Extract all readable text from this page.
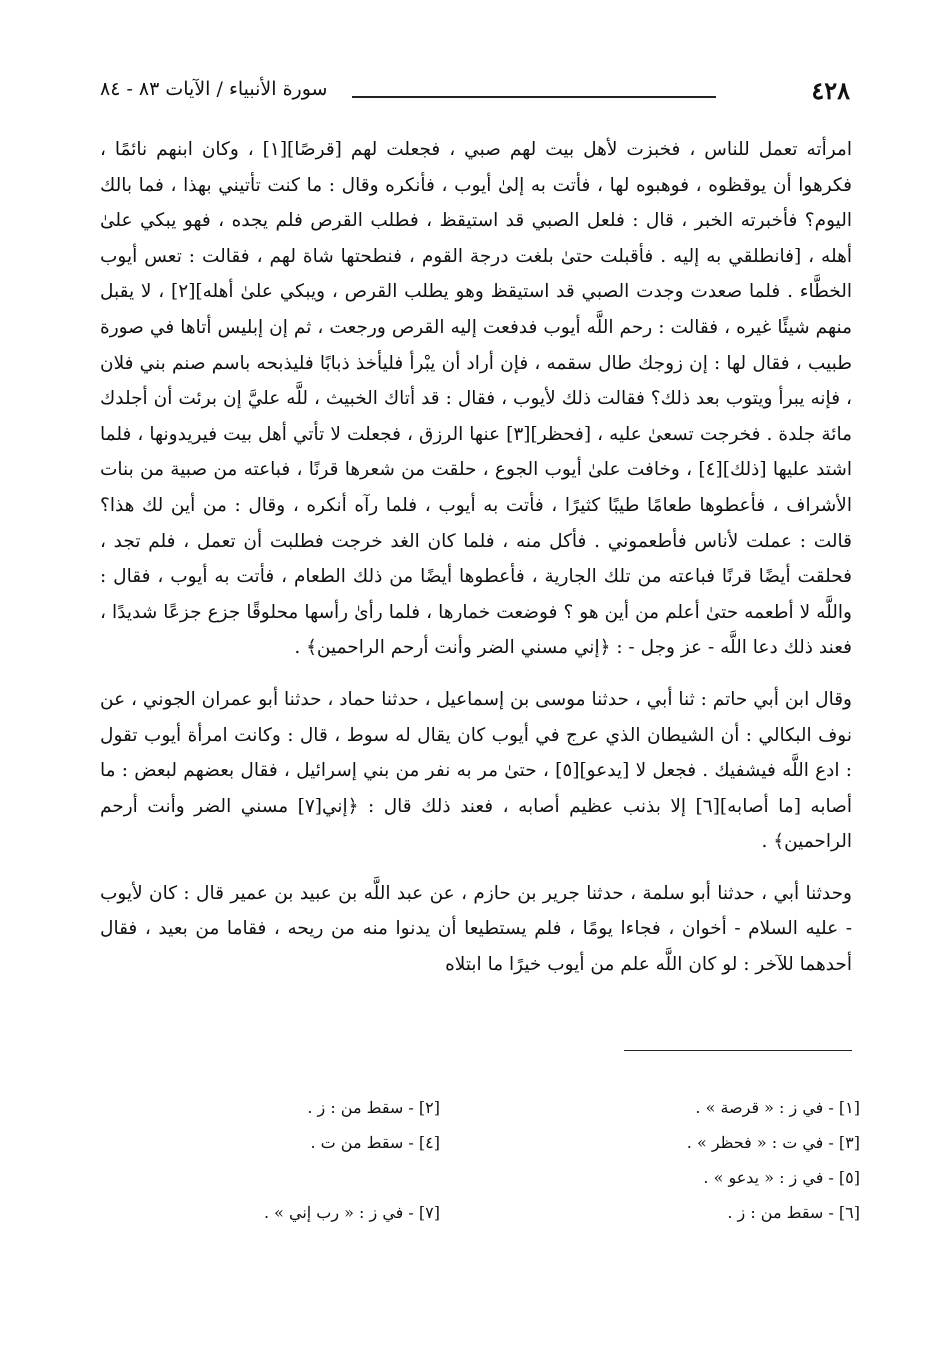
٤٢٨
سورة الأنبياء / الآيات ٨٣ - ٨٤

امرأته تعمل للناس ، فخبزت لأهل بيت لهم صبي ، فجعلت لهم [قرصًا][١] ، وكان ابنهم نائمًا ، فكرهوا أن يوقظوه ، فوهبوه لها ، فأتت به إلىٰ أيوب ، فأنكره وقال : ما كنت تأتيني بهذا ، فما بالك اليوم؟ فأخبرته الخبر ، قال : فلعل الصبي قد استيقظ ، فطلب القرص فلم يجده ، فهو يبكي علىٰ أهله ، [فانطلقي به إليه . فأقبلت حتىٰ بلغت درجة القوم ، فنطحتها شاة لهم ، فقالت : تعس أيوب الخطَّاء . فلما صعدت وجدت الصبي قد استيقظ وهو يطلب القرص ، ويبكي علىٰ أهله][٢] ، لا يقبل منهم شيئًا غيره ، فقالت : رحم اللَّه أيوب فدفعت إليه القرص ورجعت ، ثم إن إبليس أتاها في صورة طبيب ، فقال لها : إن زوجك طال سقمه ، فإن أراد أن يبْرأ فليأخذ ذبابًا فليذبحه باسم صنم بني فلان ، فإنه يبرأ ويتوب بعد ذلك؟ فقالت ذلك لأيوب ، فقال : قد أتاك الخبيث ، للَّه عليَّ إن برئت أن أجلدك مائة جلدة . فخرجت تسعىٰ عليه ، [فحظر][٣] عنها الرزق ، فجعلت لا تأتي أهل بيت فيريدونها ، فلما اشتد عليها [ذلك][٤] ، وخافت علىٰ أيوب الجوع ، حلقت من شعرها قرنًا ، فباعته من صبية من بنات الأشراف ، فأعطوها طعامًا طيبًا كثيرًا ، فأتت به أيوب ، فلما رآه أنكره ، وقال : من أين لك هذا؟ قالت : عملت لأناس فأطعموني . فأكل منه ، فلما كان الغد خرجت فطلبت أن تعمل ، فلم تجد ، فحلقت أيضًا قرنًا فباعته من تلك الجارية ، فأعطوها أيضًا من ذلك الطعام ، فأتت به أيوب ، فقال : واللَّه لا أطعمه حتىٰ أعلم من أين هو ؟ فوضعت خمارها ، فلما رأىٰ رأسها محلوقًا جزع جزعًا شديدًا ، فعند ذلك دعا اللَّه - عز وجل - : ﴿إني مسني الضر وأنت أرحم الراحمين﴾ .

وقال ابن أبي حاتم : ثنا أبي ، حدثنا موسى بن إسماعيل ، حدثنا حماد ، حدثنا أبو عمران الجوني ، عن نوف البكالي : أن الشيطان الذي عرج في أيوب كان يقال له سوط ، قال : وكانت امرأة أيوب تقول : ادع اللَّه فيشفيك . فجعل لا [يدعو][٥] ، حتىٰ مر به نفر من بني إسرائيل ، فقال بعضهم لبعض : ما أصابه [ما أصابه][٦] إلا بذنب عظيم أصابه ، فعند ذلك قال : ﴿إني[٧] مسني الضر وأنت أرحم الراحمين﴾ .

وحدثنا أبي ، حدثنا أبو سلمة ، حدثنا جرير بن حازم ، عن عبد اللَّه بن عبيد بن عمير قال : كان لأيوب - عليه السلام - أخوان ، فجاءا يومًا ، فلم يستطيعا أن يدنوا منه من ريحه ، فقاما من بعيد ، فقال أحدهما للآخر : لو كان اللَّه علم من أيوب خيرًا ما ابتلاه

[١] - في ز : « قرصة » .
[٣] - في ت : « فحظر » .
[٥] - في ز : « يدعو » .
[٦] - سقط من : ز .
[٢] - سقط من : ز .
[٤] - سقط من ت .
[٧] - في ز : « رب إني » .
